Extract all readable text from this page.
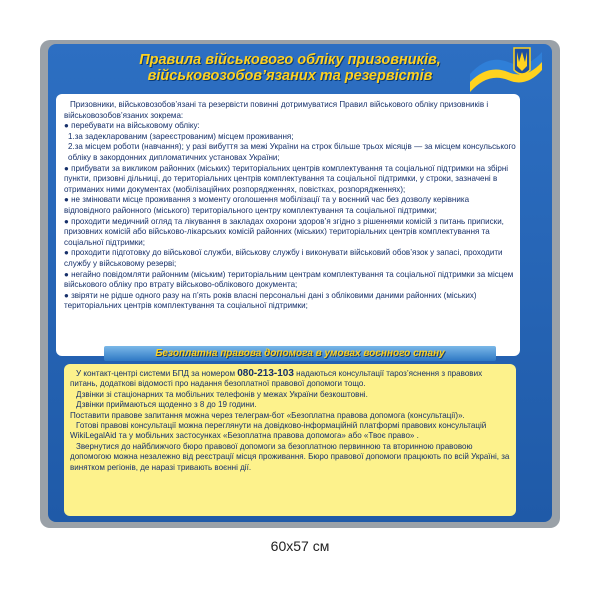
Правила військового обліку призовників,
військовозобов’язаних та резервістів

Призовники, військовозобов’язані та резервісти повинні дотримуватися Правил військового обліку призовників і військовозобов’язаних зокрема:

● перебувати на військовому обліку:

1.за задекларованим (зареєстрованим) місцем проживання;

2.за місцем роботи (навчання); у разі вибуття за межі України на строк більше трьох місяців — за місцем консульського обліку в закордонних дипломатичних установах України;

● прибувати за викликом районних (міських) територіальних центрів комплектування та соціальної підтримки на збірні пункти, призовні дільниці, до територіальних центрів комплектування та соціальної підтримки, у строки, зазначені в отриманих ними документах (мобілізаційних розпорядженнях, повістках, розпорядженнях);

● не змінювати місце проживання з моменту оголошення мобілізації та у воєнний час без дозволу керівника відповідного районного (міського) територіального центру комплектування та соціальної підтримки;

● проходити медичний огляд та лікування в закладах охорони здоров’я згідно з рішеннями комісій з питань приписки, призовних комісій або військово-лікарських комісій районних (міських) територіальних центрів комплектування та соціальної підтримки;

● проходити підготовку до військової служби, військову службу і виконувати військовий обов’язок у запасі, проходити службу у військовому резерві;

● негайно повідомляти районним (міським) територіальним центрам комплектування та соціальної підтримки за місцем військового обліку про втрату військово-облікового документа;

● звіряти не рідше одного разу на п’ять років власні персональні дані з обліковими даними районних (міських) територіальних центрів комплектування та соціальної підтримки;

Безоплатна правова допомога в умовах воєнного стану

У контакт-центрі системи БПД за номером 080-213-103 надаються консультації тароз’яснення з правових питань, додаткові відомості про надання безоплатної правової допомоги тощо.

Дзвінки зі стаціонарних та мобільних телефонів у межах України безкоштовні.

Дзвінки приймаються щоденно з 8 до 19 години.

Поставити правове запитання можна через телеграм-бот «Безоплатна правова допомога (консультації)».

Готові правові консультації можна переглянути на довідково-інформаційній платформі правових консультацій WikiLegalAid та у мобільних застосунках «Безоплатна правова допомога» або «Твоє право» .

Звернутися до найближчого бюро правової допомоги за безоплатною первинною та вторинною правовою допомогою можна незалежно від реєстрації місця проживання. Бюро правової допомоги працюють по всій Україні, за винятком регіонів, де наразі тривають воєнні дії.

60x57 см
